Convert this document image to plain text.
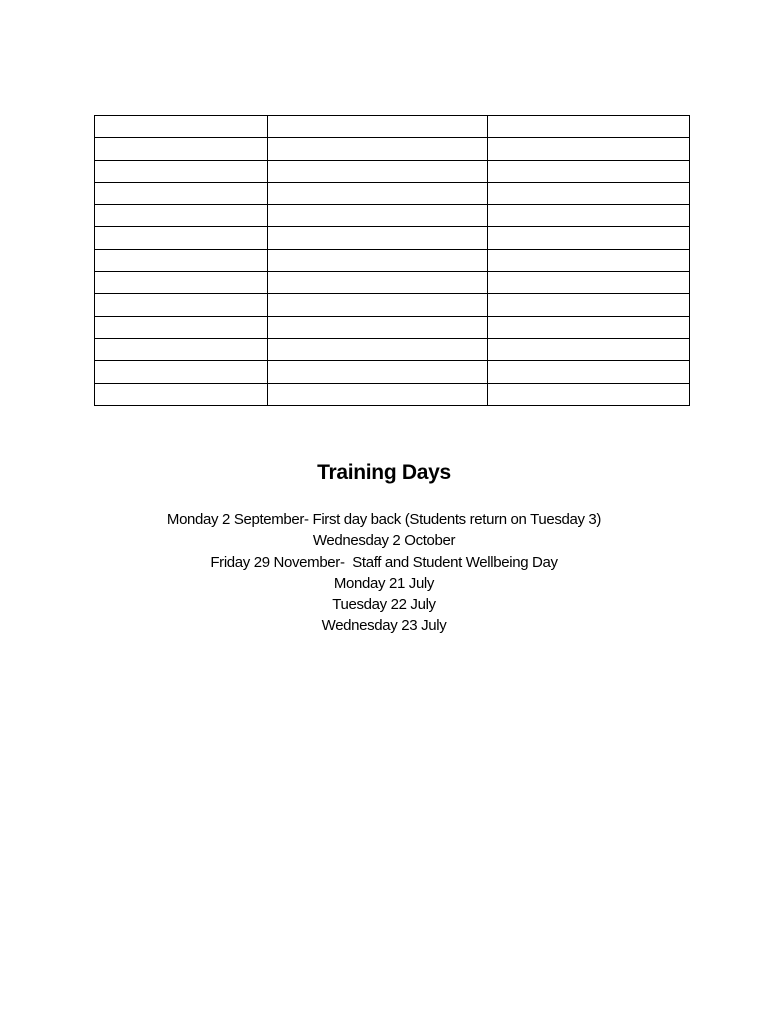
Training Days
Monday 2 September- First day back (Students return on Tuesday 3)
Wednesday 2 October
Friday 29 November-  Staff and Student Wellbeing Day
Monday 21 July
Tuesday 22 July
Wednesday 23 July
